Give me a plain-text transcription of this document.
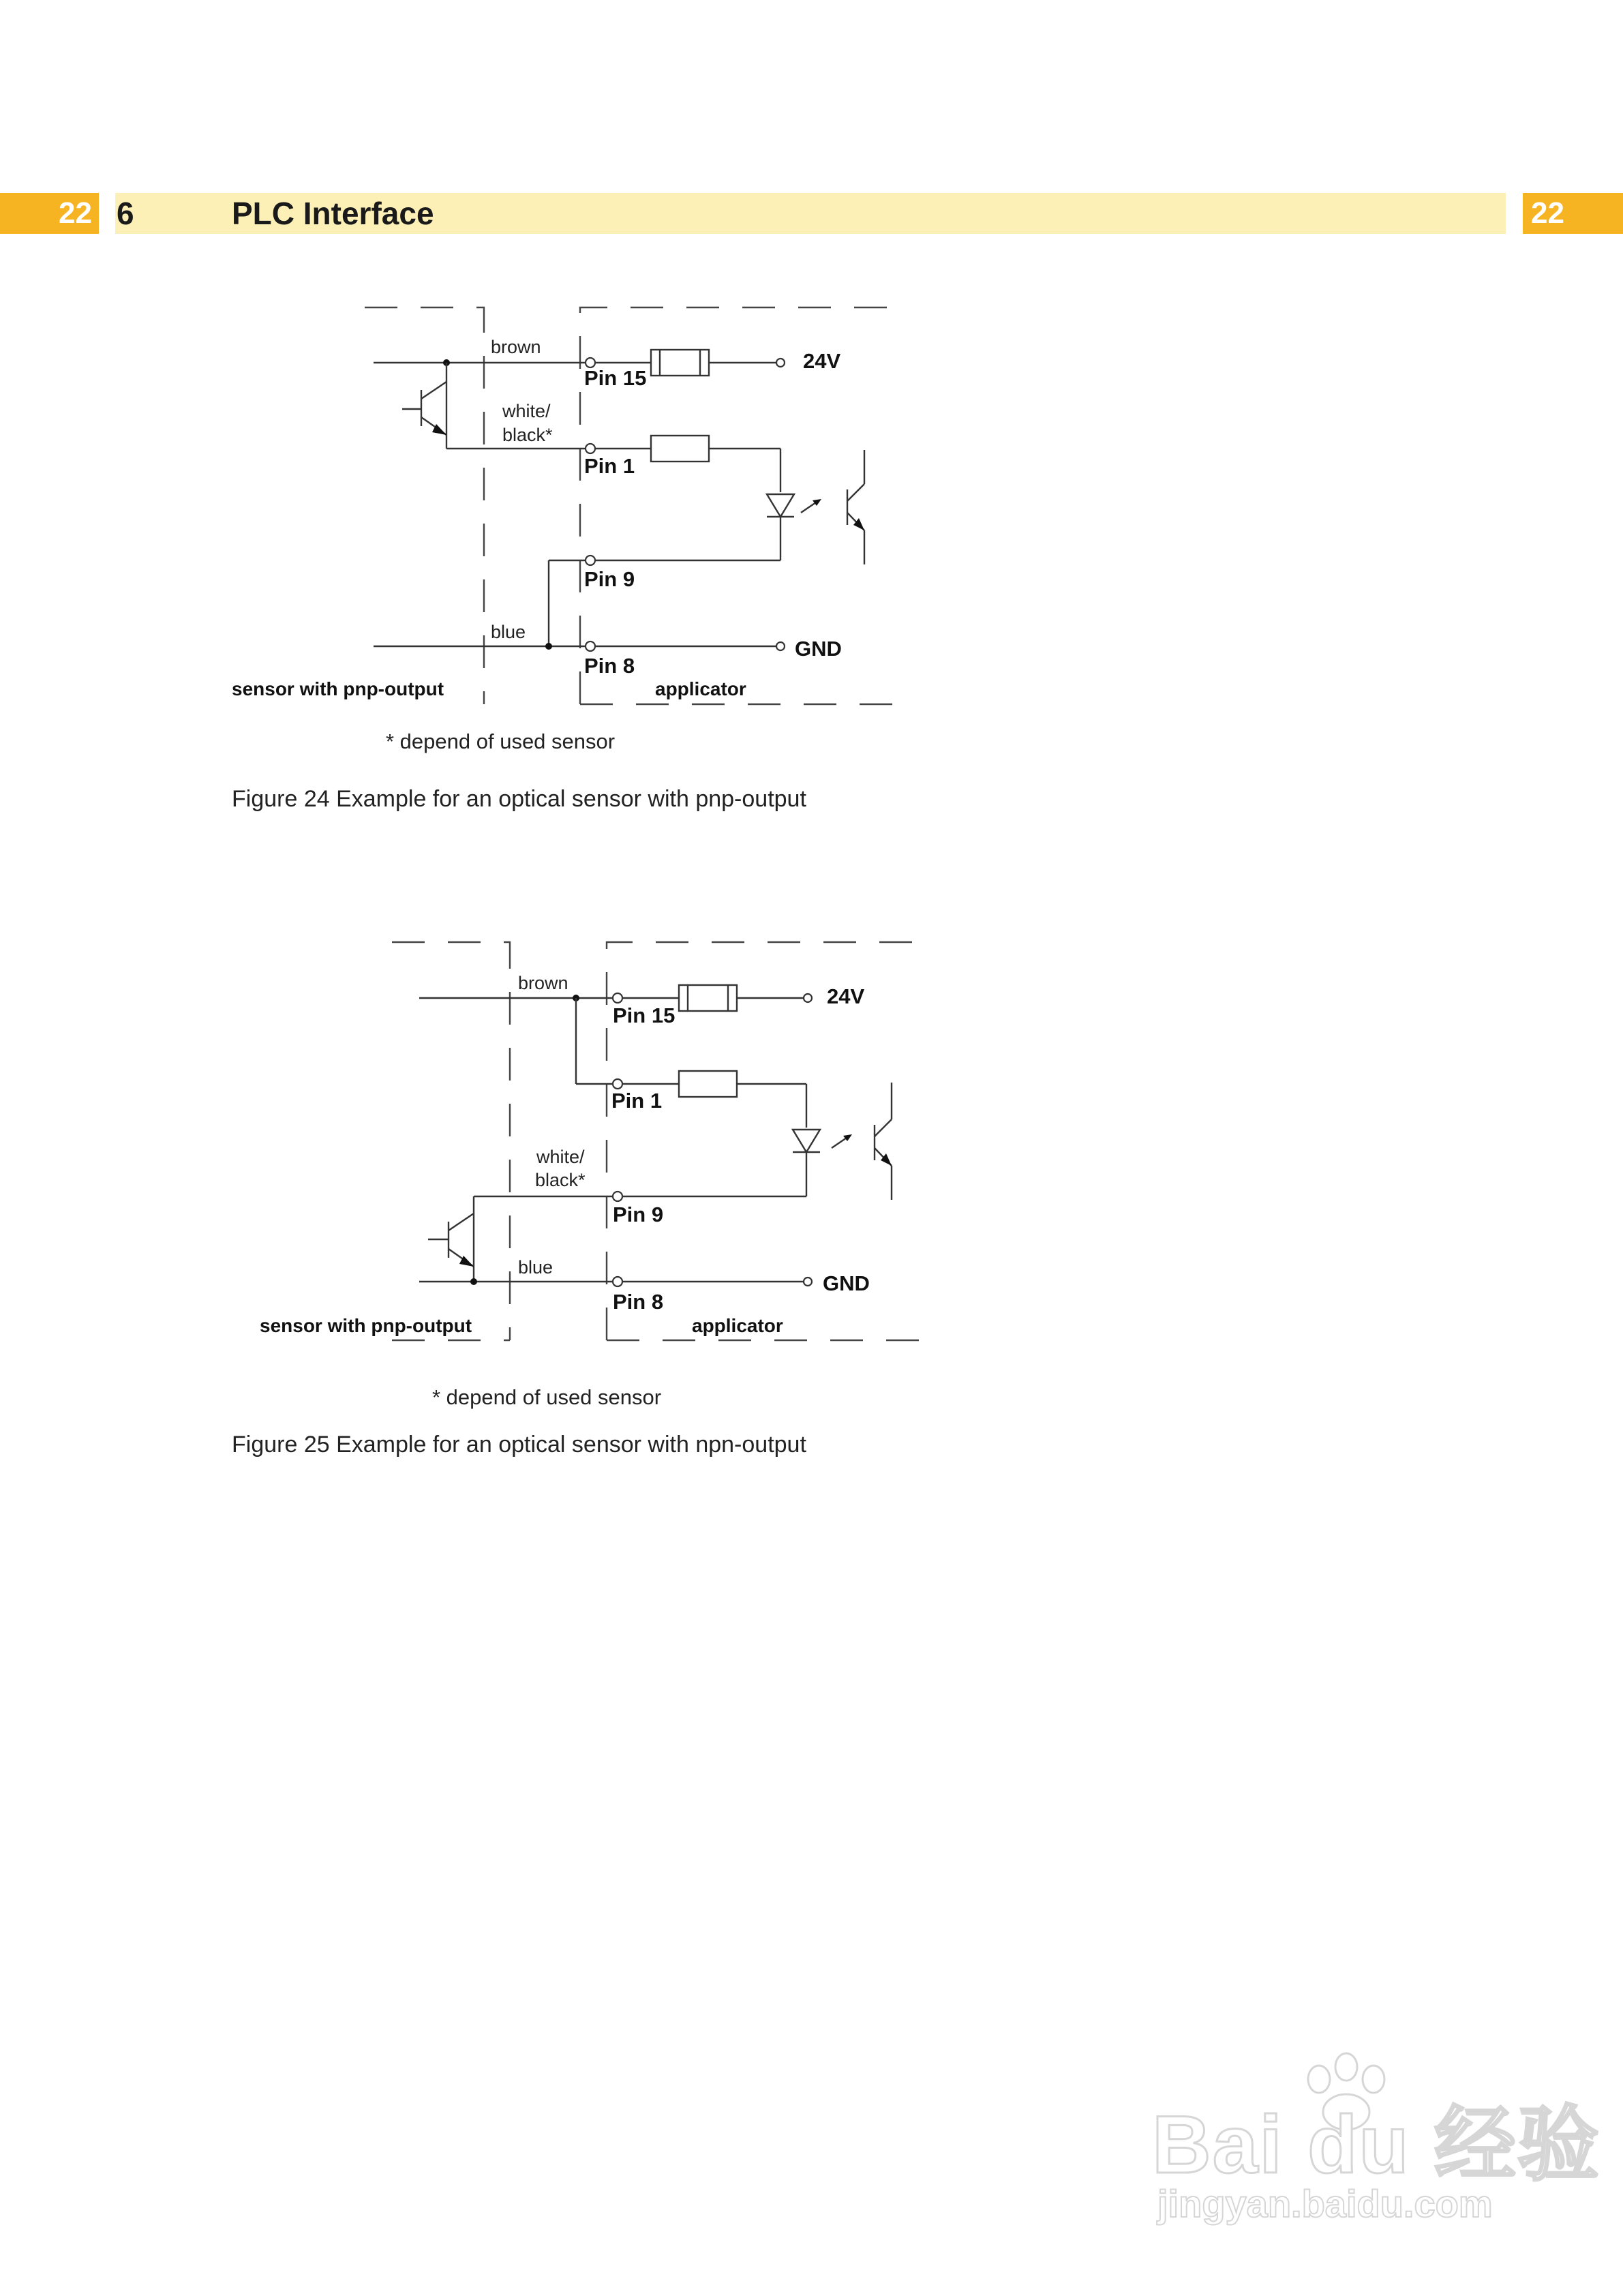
22 6	PLC Interface	22
brown
white/
black*
blue
Pin 15
Pin 1
Pin 9
Pin 8
24V
GND
sensor with pnp-output	applicator
* depend of used sensor
Figure 24 Example for an optical sensor with pnp-output
brown
white/
black*
blue
Pin 15
Pin 1
Pin 9
Pin 8
24V
GND
sensor with pnp-output	applicator
* depend of used sensor
Figure 25 Example for an optical sensor with npn-output
Bai du 经验
jingyan.baidu.com
